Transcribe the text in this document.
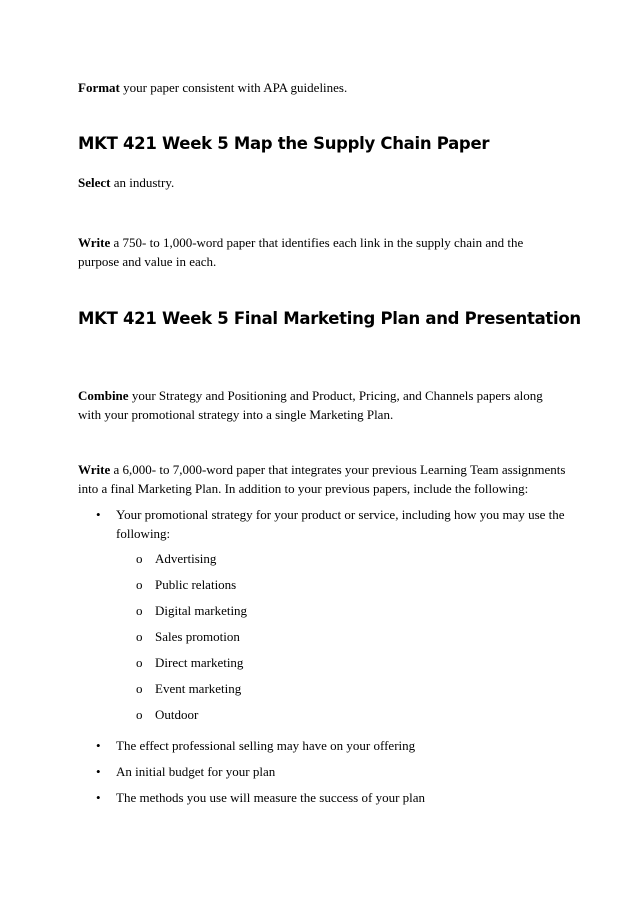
Format your paper consistent with APA guidelines.

MKT 421 Week 5 Map the Supply Chain Paper

Select an industry.

Write a 750- to 1,000-word paper that identifies each link in the supply chain and the purpose and value in each.

MKT 421 Week 5 Final Marketing Plan and Presentation

Combine your Strategy and Positioning and Product, Pricing, and Channels papers along with your promotional strategy into a single Marketing Plan.

Write a 6,000- to 7,000-word paper that integrates your previous Learning Team assignments into a final Marketing Plan. In addition to your previous papers, include the following:

•	Your promotional strategy for your product or service, including how you may use the following:
o Advertising
o Public relations
o Digital marketing
o Sales promotion
o Direct marketing
o Event marketing
o Outdoor
•	The effect professional selling may have on your offering
•	An initial budget for your plan
•	The methods you use will measure the success of your plan
